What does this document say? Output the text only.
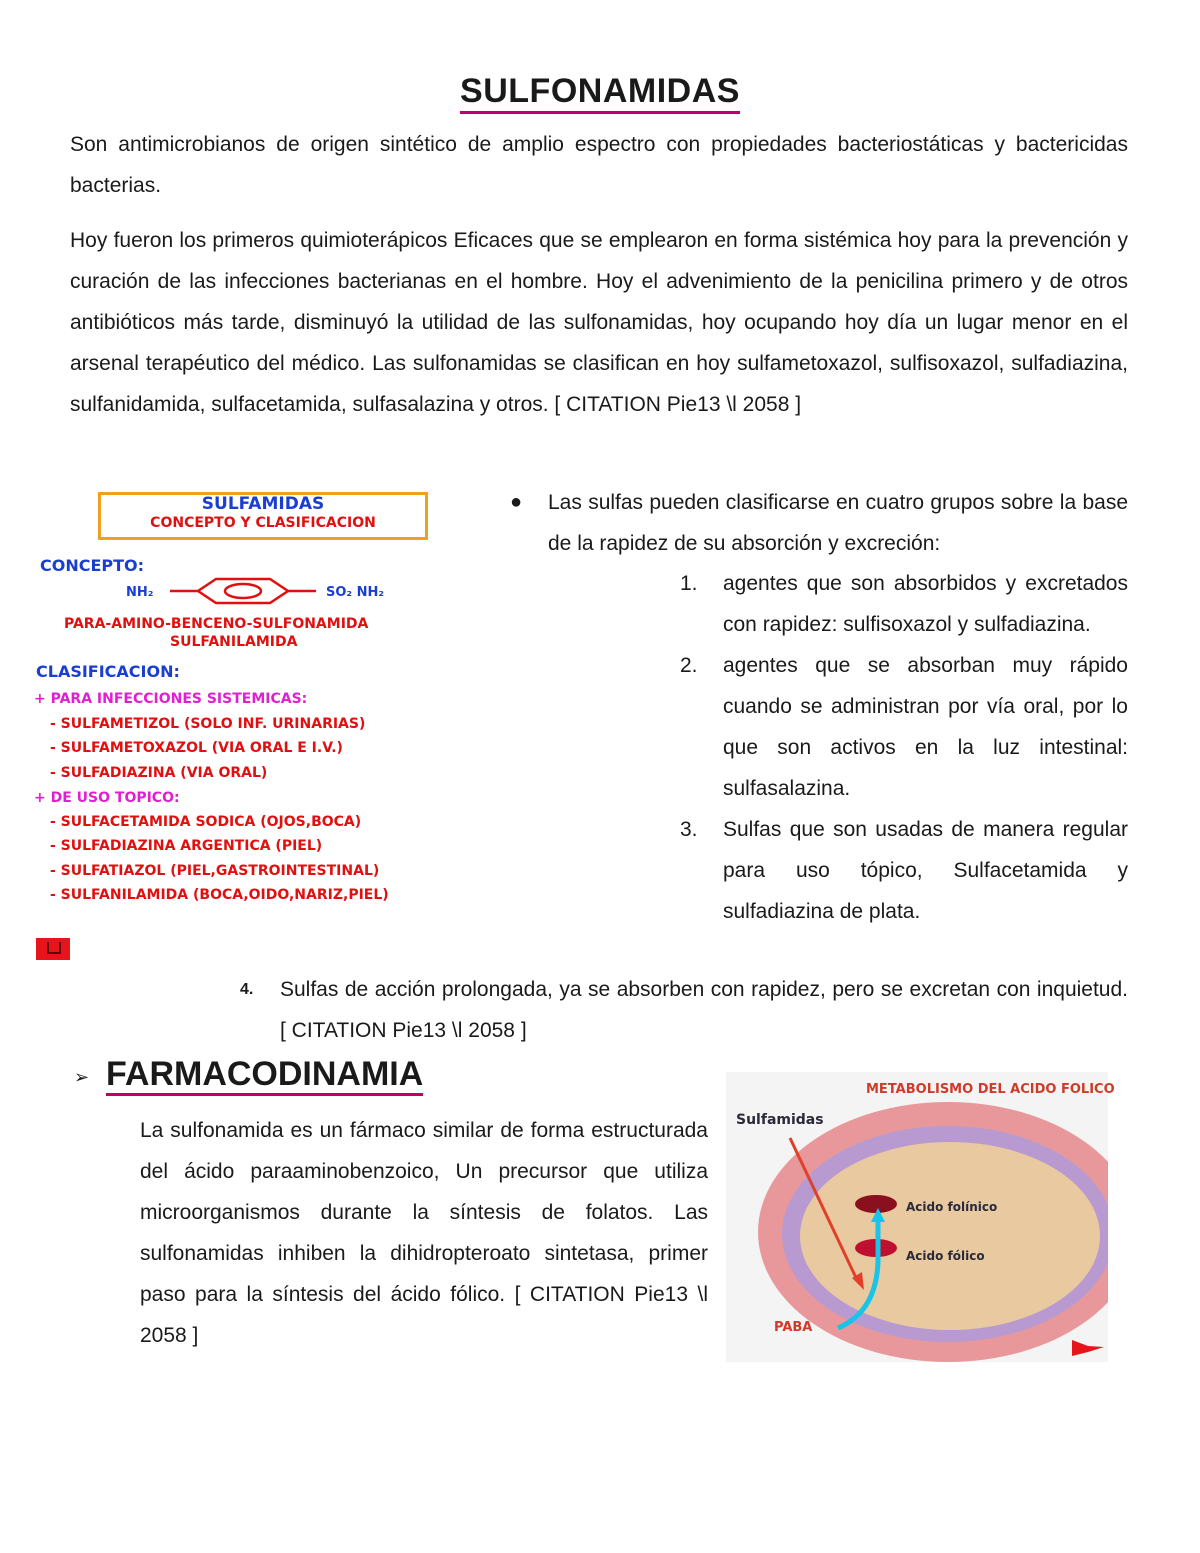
SULFONAMIDAS
Son antimicrobianos de origen sintético de amplio espectro con propiedades bacteriostáticas y bactericidas bacterias.
Hoy fueron los primeros quimioterápicos Eficaces que se emplearon en forma sistémica hoy para la prevención y curación de las infecciones bacterianas en el hombre. Hoy el advenimiento de la penicilina primero y de otros antibióticos más tarde, disminuyó la utilidad de las sulfonamidas, hoy ocupando hoy día un lugar menor en el arsenal terapéutico del médico. Las sulfonamidas se clasifican en hoy sulfametoxazol, sulfisoxazol, sulfadiazina, sulfanidamida, sulfacetamida, sulfasalazina y otros. [ CITATION Pie13 \l 2058 ]
SULFAMIDAS
CONCEPTO Y CLASIFICACION
CONCEPTO:
NH₂	SO₂ NH₂
PARA-AMINO-BENCENO-SULFONAMIDA
SULFANILAMIDA
CLASIFICACION:
+ PARA INFECCIONES SISTEMICAS:
- SULFAMETIZOL (SOLO INF. URINARIAS)
- SULFAMETOXAZOL (VIA ORAL E I.V.)
- SULFADIAZINA (VIA ORAL)
+ DE USO TOPICO:
- SULFACETAMIDA SODICA (OJOS,BOCA)
- SULFADIAZINA ARGENTICA (PIEL)
- SULFATIAZOL (PIEL,GASTROINTESTINAL)
- SULFANILAMIDA (BOCA,OIDO,NARIZ,PIEL)
● Las sulfas pueden clasificarse en cuatro grupos sobre la base de la rapidez de su absorción y excreción:
1.	agentes que son absorbidos y excretados con rapidez: sulfisoxazol y sulfadiazina.
2.	agentes que se absorban muy rápido cuando se administran por vía oral, por lo que son activos en la luz intestinal: sulfasalazina.
3.	Sulfas que son usadas de manera regular para uso tópico, Sulfacetamida y sulfadiazina de plata.
4. Sulfas de acción prolongada, ya se absorben con rapidez, pero se excretan con inquietud. [ CITATION Pie13 \l 2058 ]
➢ FARMACODINAMIA
La sulfonamida es un fármaco similar de forma estructurada del ácido paraaminobenzoico, Un precursor que utiliza microorganismos durante la síntesis de folatos. Las sulfonamidas inhiben la dihidropteroato sintetasa, primer paso para la síntesis del ácido fólico. [ CITATION Pie13 \l 2058 ]
METABOLISMO DEL ACIDO FOLICO
Sulfamidas
Acido folínico
Acido fólico
PABA
